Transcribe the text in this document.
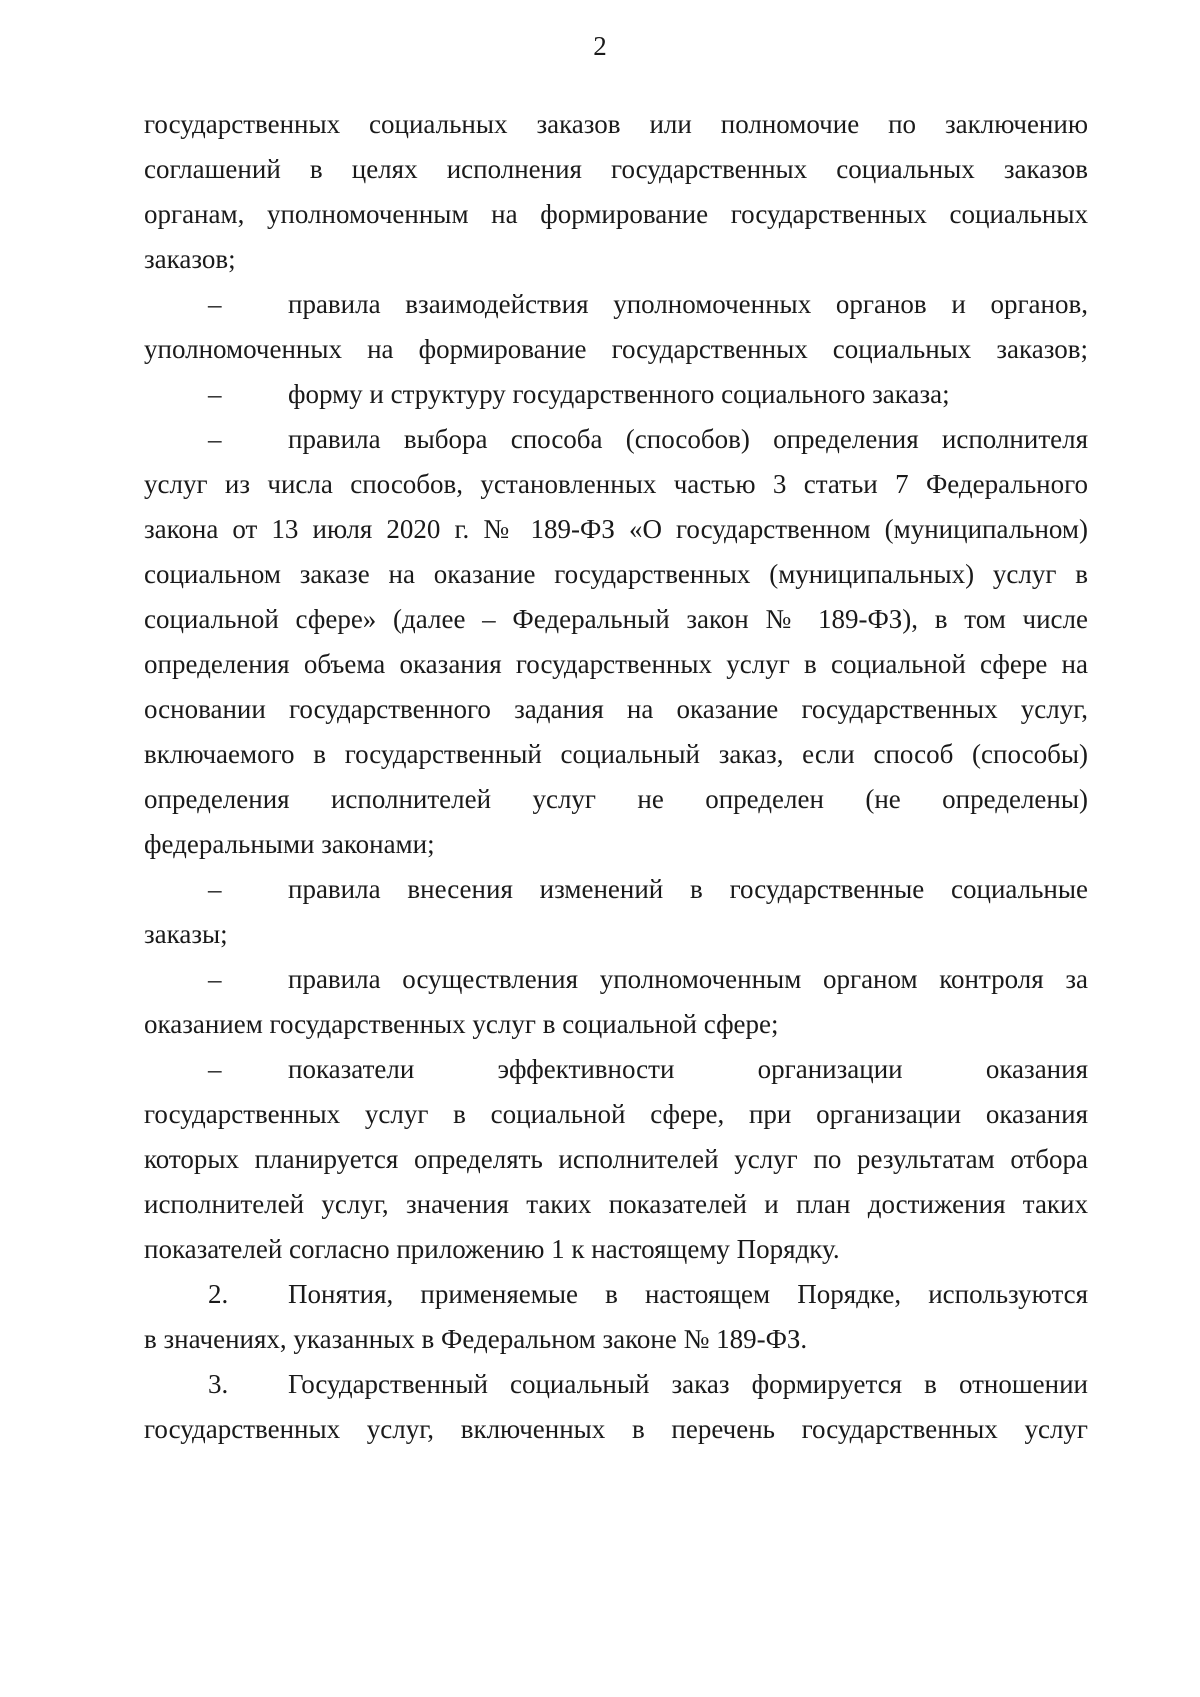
2
государственных социальных заказов или полномочие по заключению
соглашений в целях исполнения государственных социальных заказов
органам, уполномоченным на формирование государственных социальных
заказов;
–	правила взаимодействия уполномоченных органов и органов,
уполномоченных на формирование государственных социальных заказов;
–	форму и структуру государственного социального заказа;
–	правила выбора способа (способов) определения исполнителя
услуг из числа способов, установленных частью 3 статьи 7 Федерального
закона от 13 июля 2020 г. № 189-ФЗ «О государственном (муниципальном)
социальном заказе на оказание государственных (муниципальных) услуг в
социальной сфере» (далее – Федеральный закон № 189-ФЗ), в том числе
определения объема оказания государственных услуг в социальной сфере на
основании государственного задания на оказание государственных услуг,
включаемого в государственный социальный заказ, если способ (способы)
определения исполнителей услуг не определен (не определены)
федеральными законами;
–	правила внесения изменений в государственные социальные
заказы;
–	правила осуществления уполномоченным органом контроля за
оказанием государственных услуг в социальной сфере;
–	показатели эффективности организации оказания
государственных услуг в социальной сфере, при организации оказания
которых планируется определять исполнителей услуг по результатам отбора
исполнителей услуг, значения таких показателей и план достижения таких
показателей согласно приложению 1 к настоящему Порядку.
2.	Понятия, применяемые в настоящем Порядке, используются
в значениях, указанных в Федеральном законе № 189-ФЗ.
3.	Государственный социальный заказ формируется в отношении
государственных услуг, включенных в перечень государственных услуг
